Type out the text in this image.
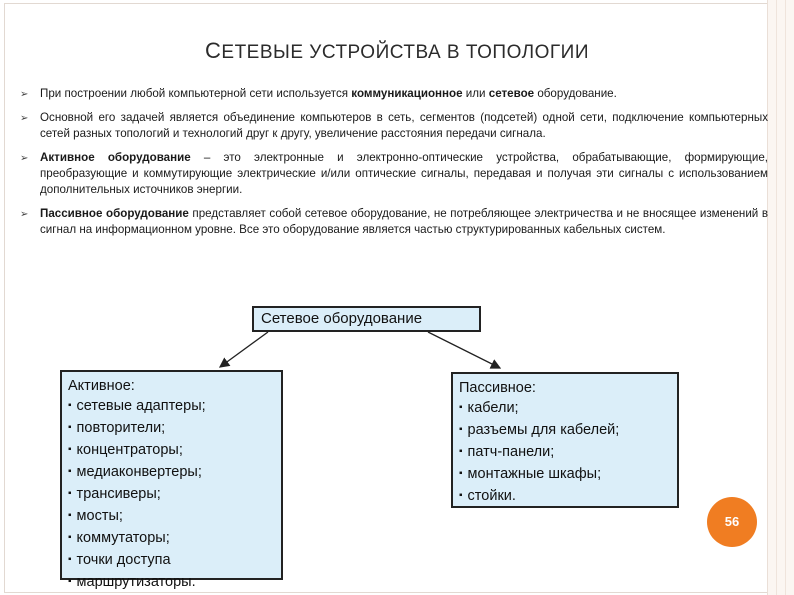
СЕТЕВЫЕ УСТРОЙСТВА В ТОПОЛОГИИ
➢ При построении любой компьютерной сети используется коммуникационное или сетевое оборудование.
➢ Основной его задачей является объединение компьютеров в сеть, сегментов (подсетей) одной сети, подключение компьютерных сетей разных топологий и технологий друг к другу, увеличение расстояния передачи сигнала.
➢ Активное оборудование – это электронные и электронно-оптические устройства, обрабатывающие, формирующие, преобразующие и коммутирующие электрические и/или оптические сигналы, передавая и получая эти сигналы с использованием дополнительных источников энергии.
➢ Пассивное оборудование представляет собой сетевое оборудование, не потребляющее электричества и не вносящее изменений в сигнал на информационном уровне. Все это оборудование является частью структурированных кабельных систем.
Сетевое оборудование
Активное:
▪ сетевые адаптеры;
▪ повторители;
▪ концентраторы;
▪ медиаконвертеры;
▪ трансиверы;
▪ мосты;
▪ коммутаторы;
▪ точки доступа
▪ маршрутизаторы.
Пассивное:
▪ кабели;
▪ разъемы для кабелей;
▪ патч-панели;
▪ монтажные шкафы;
▪ стойки.
56
